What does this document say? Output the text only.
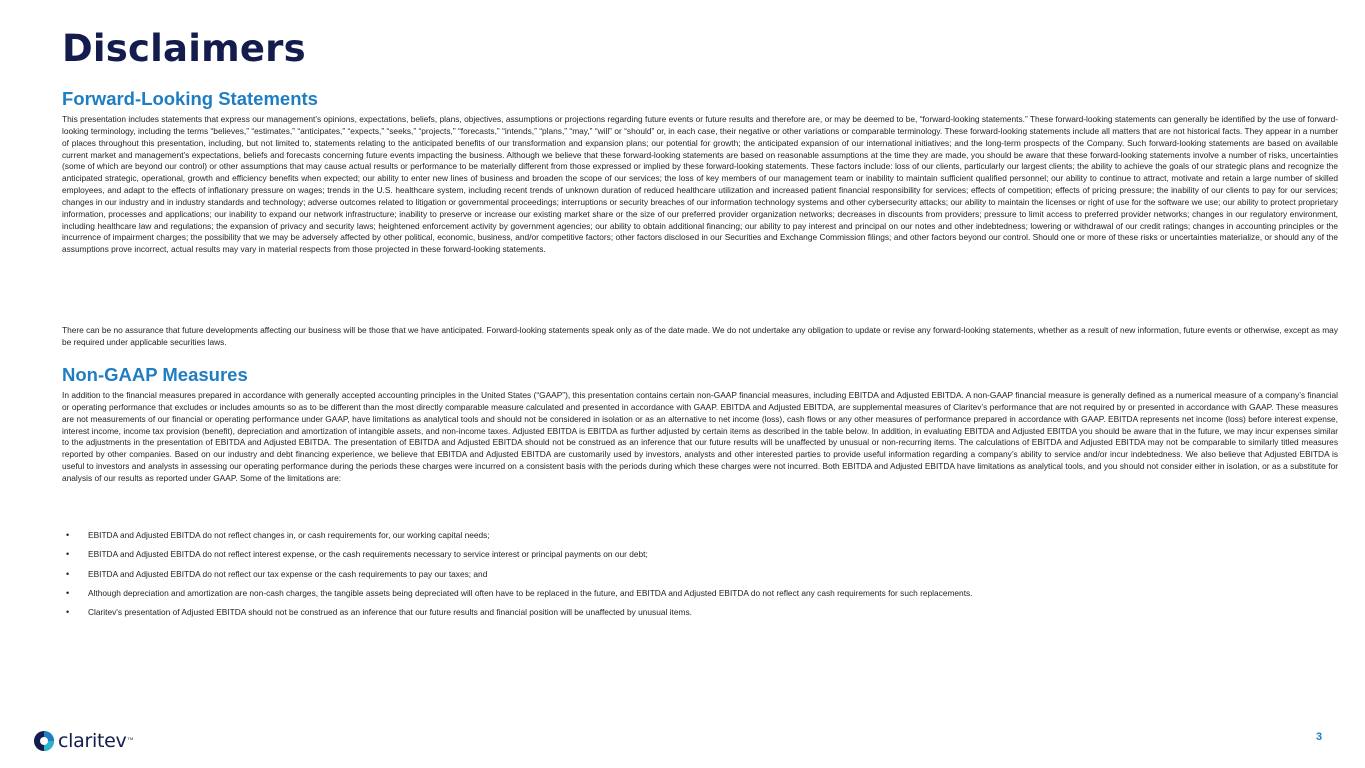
Disclaimers
Forward-Looking Statements

This presentation includes statements that express our management’s opinions, expectations, beliefs, plans, objectives, assumptions or projections regarding future events or future results and therefore are, or may be deemed to be, “forward-looking statements.” These forward-looking statements can generally be identified by the use of forward-looking terminology, including the terms “believes,” “estimates,” “anticipates,” “expects,” “seeks,” “projects,” “forecasts,” “intends,” “plans,” “may,” “will” or “should” or, in each case, their negative or other variations or comparable terminology. These forward-looking statements include all matters that are not historical facts. They appear in a number of places throughout this presentation, including, but not limited to, statements relating to the anticipated benefits of our transformation and expansion plans; our potential for growth; the anticipated expansion of our international initiatives; and the long-term prospects of the Company. Such forward-looking statements are based on available current market and management’s expectations, beliefs and forecasts concerning future events impacting the business. Although we believe that these forward-looking statements are based on reasonable assumptions at the time they are made, you should be aware that these forward-looking statements involve a number of risks, uncertainties (some of which are beyond our control) or other assumptions that may cause actual results or performance to be materially different from those expressed or implied by these forward-looking statements. These factors include: loss of our clients, particularly our largest clients; the ability to achieve the goals of our strategic plans and recognize the anticipated strategic, operational, growth and efficiency benefits when expected; our ability to enter new lines of business and broaden the scope of our services; the loss of key members of our management team or inability to maintain sufficient qualified personnel; our ability to continue to attract, motivate and retain a large number of skilled employees, and adapt to the effects of inflationary pressure on wages; trends in the U.S. healthcare system, including recent trends of unknown duration of reduced healthcare utilization and increased patient financial responsibility for services; effects of competition; effects of pricing pressure; the inability of our clients to pay for our services; changes in our industry and in industry standards and technology; adverse outcomes related to litigation or governmental proceedings; interruptions or security breaches of our information technology systems and other cybersecurity attacks; our ability to maintain the licenses or right of use for the software we use; our ability to protect proprietary information, processes and applications; our inability to expand our network infrastructure; inability to preserve or increase our existing market share or the size of our preferred provider organization networks; decreases in discounts from providers; pressure to limit access to preferred provider networks; changes in our regulatory environment, including healthcare law and regulations; the expansion of privacy and security laws; heightened enforcement activity by government agencies; our ability to obtain additional financing; our ability to pay interest and principal on our notes and other indebtedness; lowering or withdrawal of our credit ratings; changes in accounting principles or the incurrence of impairment charges; the possibility that we may be adversely affected by other political, economic, business, and/or competitive factors; other factors disclosed in our Securities and Exchange Commission filings; and other factors beyond our control. Should one or more of these risks or uncertainties materialize, or should any of the assumptions prove incorrect, actual results may vary in material respects from those projected in these forward-looking statements.

There can be no assurance that future developments affecting our business will be those that we have anticipated. Forward-looking statements speak only as of the date made. We do not undertake any obligation to update or revise any forward-looking statements, whether as a result of new information, future events or otherwise, except as may be required under applicable securities laws.

Non-GAAP Measures

In addition to the financial measures prepared in accordance with generally accepted accounting principles in the United States (“GAAP”), this presentation contains certain non-GAAP financial measures, including EBITDA and Adjusted EBITDA. A non-GAAP financial measure is generally defined as a numerical measure of a company’s financial or operating performance that excludes or includes amounts so as to be different than the most directly comparable measure calculated and presented in accordance with GAAP. EBITDA and Adjusted EBITDA, are supplemental measures of Claritev’s performance that are not required by or presented in accordance with GAAP. These measures are not measurements of our financial or operating performance under GAAP, have limitations as analytical tools and should not be considered in isolation or as an alternative to net income (loss), cash flows or any other measures of performance prepared in accordance with GAAP. EBITDA represents net income (loss) before interest expense, interest income, income tax provision (benefit), depreciation and amortization of intangible assets, and non-income taxes. Adjusted EBITDA is EBITDA as further adjusted by certain items as described in the table below. In addition, in evaluating EBITDA and Adjusted EBITDA you should be aware that in the future, we may incur expenses similar to the adjustments in the presentation of EBITDA and Adjusted EBITDA. The presentation of EBITDA and Adjusted EBITDA should not be construed as an inference that our future results will be unaffected by unusual or non-recurring items. The calculations of EBITDA and Adjusted EBITDA may not be comparable to similarly titled measures reported by other companies. Based on our industry and debt financing experience, we believe that EBITDA and Adjusted EBITDA are customarily used by investors, analysts and other interested parties to provide useful information regarding a company’s ability to service and/or incur indebtedness. We also believe that Adjusted EBITDA is useful to investors and analysts in assessing our operating performance during the periods these charges were incurred on a consistent basis with the periods during which these charges were not incurred. Both EBITDA and Adjusted EBITDA have limitations as analytical tools, and you should not consider either in isolation, or as a substitute for analysis of our results as reported under GAAP. Some of the limitations are:

• EBITDA and Adjusted EBITDA do not reflect changes in, or cash requirements for, our working capital needs;
• EBITDA and Adjusted EBITDA do not reflect interest expense, or the cash requirements necessary to service interest or principal payments on our debt;
• EBITDA and Adjusted EBITDA do not reflect our tax expense or the cash requirements to pay our taxes; and
• Although depreciation and amortization are non-cash charges, the tangible assets being depreciated will often have to be replaced in the future, and EBITDA and Adjusted EBITDA do not reflect any cash requirements for such replacements.
• Claritev's presentation of Adjusted EBITDA should not be construed as an inference that our future results and financial position will be unaffected by unusual items.
claritev TM	3
